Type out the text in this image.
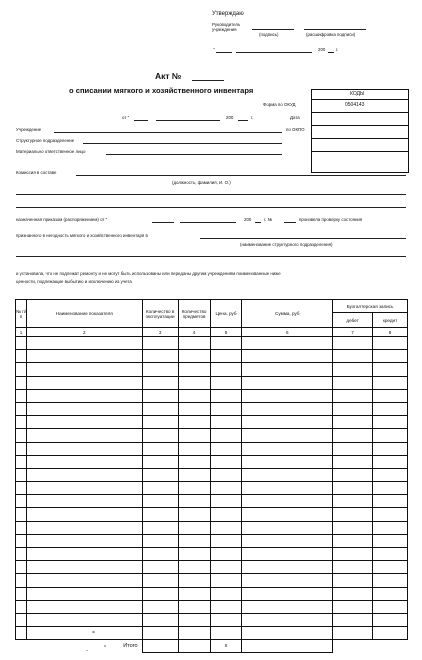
Утверждаю
Руководитель учреждения
(подпись)	(расшифровка подписи)
"	200 г.
Акт №
о списании мягкого и хозяйственного инвентаря	КОДЫ
0504143
Форма по ОКУД
Дата
по ОКПО
от "	200	г.
Учреждение
Структурное подразделение
Материально ответственное лицо
Комиссия в составе
(должность, фамилия, И. О.)
назначенная приказом (распоряжением) от "	200	г. №	произвела проверку состояния
признанного в негодность мягкого и хозяйственного инвентаря в
(наименование структурного подразделения)
и установила, что не подлежат ремонту и не могут быть использованы или переданы другим учреждениям поименованные ниже
ценности, подлежащие выбытию и исключению из учета
№ п/п	Наименование показателя	Количество в эксплуатации	Количество предметов	Цена, руб	Сумма, руб	Бухгалтерская запись	
						дебет	кредит
1	2	3	4	5	6	7	8

	Итого			х			
